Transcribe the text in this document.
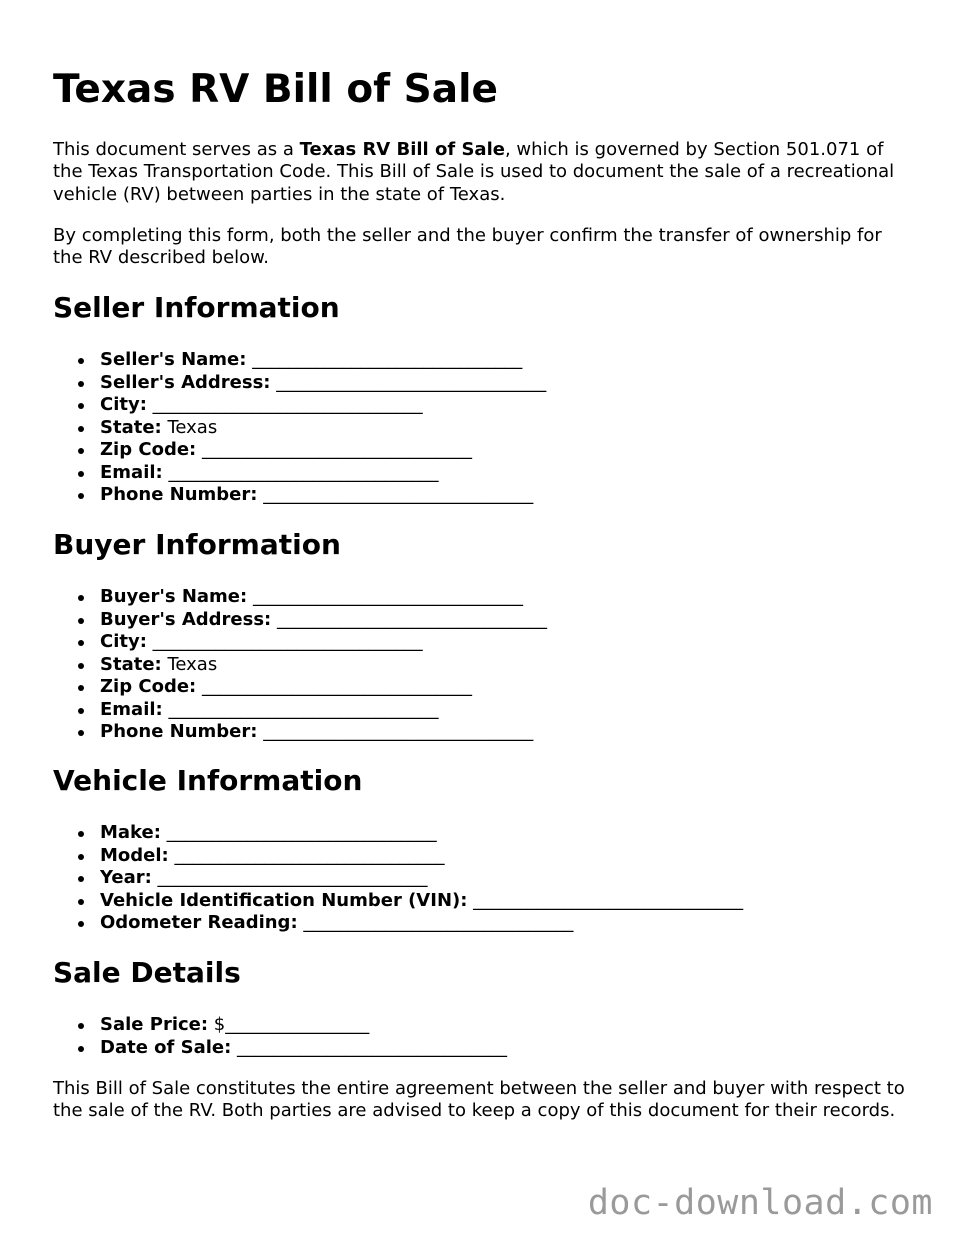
Texas RV Bill of Sale

This document serves as a Texas RV Bill of Sale, which is governed by Section 501.071 of the Texas Transportation Code. This Bill of Sale is used to document the sale of a recreational vehicle (RV) between parties in the state of Texas.

By completing this form, both the seller and the buyer confirm the transfer of ownership for the RV described below.

Seller Information
Seller's Name: ______________________________
Seller's Address: ______________________________
City: ______________________________
State: Texas
Zip Code: ______________________________
Email: ______________________________
Phone Number: ______________________________
Buyer Information
Buyer's Name: ______________________________
Buyer's Address: ______________________________
City: ______________________________
State: Texas
Zip Code: ______________________________
Email: ______________________________
Phone Number: ______________________________
Vehicle Information
Make: ______________________________
Model: ______________________________
Year: ______________________________
Vehicle Identification Number (VIN): ______________________________
Odometer Reading: ______________________________
Sale Details
Sale Price: $________________
Date of Sale: ______________________________

This Bill of Sale constitutes the entire agreement between the seller and buyer with respect to the sale of the RV. Both parties are advised to keep a copy of this document for their records.

doc-download.com
